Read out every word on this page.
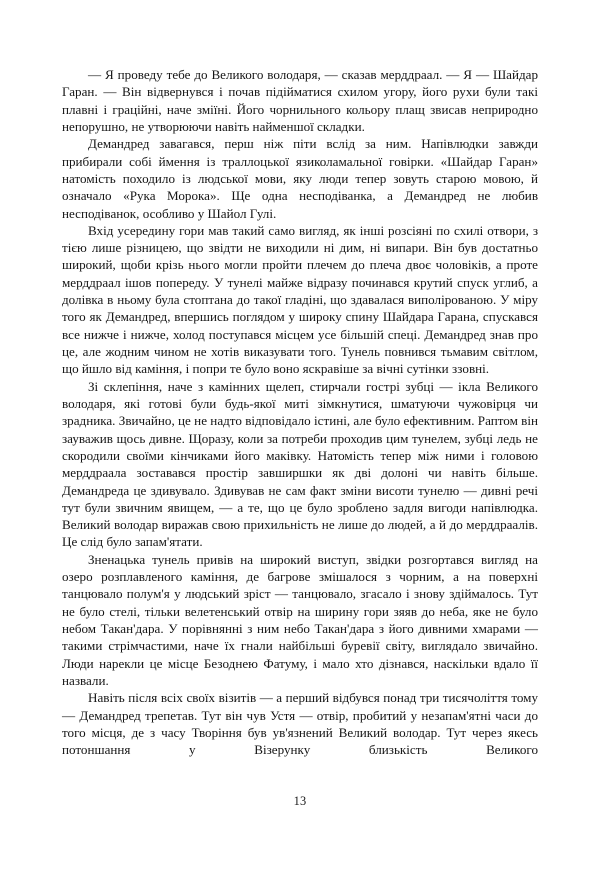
— Я проведу тебе до Великого володаря, — сказав мерддраал. — Я — Шайдар Гаран. — Він відвернувся і почав підійматися схилом угору, його рухи були такі плавні і граційні, наче зміїні. Його чорнильного кольору плащ звисав неприродно непорушно, не утворюючи навіть найменшої складки.

Демандред завагався, перш ніж піти вслід за ним. Напівлюдки завжди прибирали собі ймення із траллоцької язиколамальної говірки. «Шайдар Гаран» натомість походило із людської мови, яку люди тепер зовуть старою мовою, й означало «Рука Морока». Ще одна несподіванка, а Демандред не любив несподіванок, особливо у Шайол Гулі.

Вхід усередину гори мав такий само вигляд, як інші розсіяні по схилі отвори, з тією лише різницею, що звідти не виходили ні дим, ні випари. Він був достатньо широкий, щоби крізь нього могли пройти плечем до плеча двоє чоловіків, а проте мерддраал ішов попереду. У тунелі майже відразу починався крутий спуск углиб, а долівка в ньому була стоптана до такої гладіні, що здавалася виполірованою. У міру того як Демандред, впершись поглядом у широку спину Шайдара Гарана, спускався все нижче і нижче, холод поступався місцем усе більшій спеці. Демандред знав про це, але жодним чином не хотів виказувати того. Тунель повнився тьмавим світлом, що йшло від каміння, і попри те було воно яскравіше за вічні сутінки ззовні.

Зі склепіння, наче з камінних щелеп, стирчали гострі зубці — ікла Великого володаря, які готові були будь-якої миті зімкнутися, шматуючи чужовірця чи зрадника. Звичайно, це не надто відповідало істині, але було ефективним. Раптом він зауважив щось дивне. Щоразу, коли за потреби проходив цим тунелем, зубці ледь не скородили своїми кінчиками його маківку. Натомість тепер між ними і головою мерддраала зоставався простір завширшки як дві долоні чи навіть більше. Демандреда це здивувало. Здивував не сам факт зміни висоти тунелю — дивні речі тут були звичним явищем, — а те, що це було зроблено задля вигоди напівлюдка. Великий володар виражав свою прихильність не лише до людей, а й до мерддраалів. Це слід було запам'ятати.

Зненацька тунель привів на широкий виступ, звідки розгортався вигляд на озеро розплавленого каміння, де багрове змішалося з чорним, а на поверхні танцювало полум'я у людський зріст — танцювало, згасало і знову здіймалось. Тут не було стелі, тільки велетенський отвір на ширину гори зяяв до неба, яке не було небом Такан'дара. У порівнянні з ним небо Такан'дара з його дивними хмарами — такими стрімчастими, наче їх гнали найбільші буревії світу, виглядало звичайно. Люди нарекли це місце Безоднею Фатуму, і мало хто дізнався, наскільки вдало її назвали.

Навіть після всіх своїх візитів — а перший відбувся понад три тисячоліття тому — Демандред трепетав. Тут він чув Устя — отвір, пробитий у незапам'ятні часи до того місця, де з часу Творіння був ув'язнений Великий володар. Тут через якесь потоншання у Візерунку близькість Великого

13
